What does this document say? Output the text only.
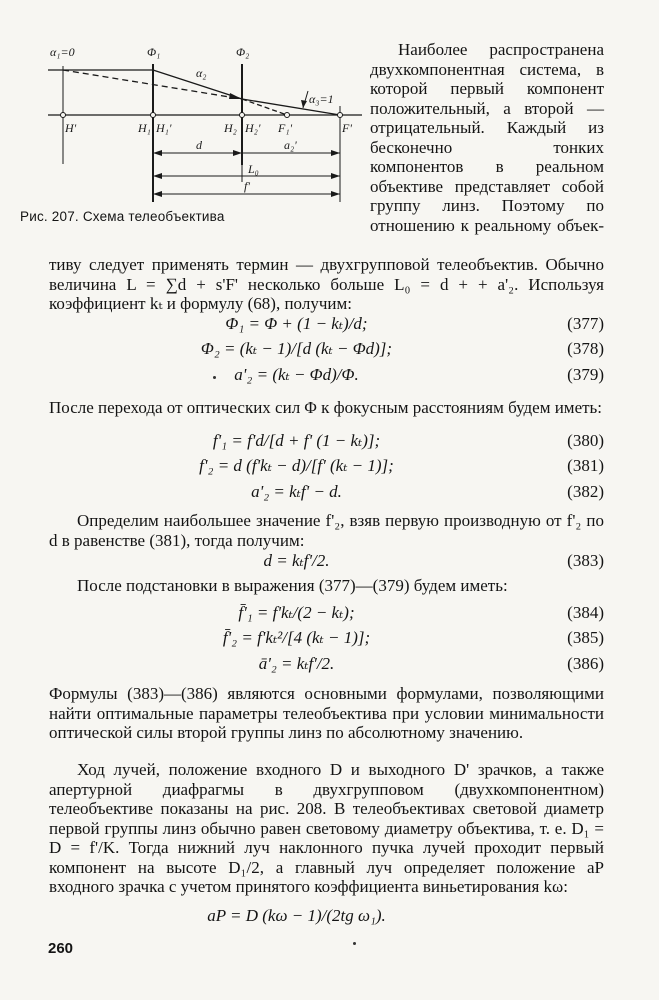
α₁=0	Φ₁	Φ₂
α₂
α₃=1
H'	H₁ H₁'	H₂ H₂' F₁'	F'
d	a₂'
L₀
f'
Рис. 207. Схема телеобъектива

Наиболее распространена двухкомпонентная система, в которой первый компонент положительный, а второй — отрицательный. Каждый из бесконечно тонких компонентов в реальном объективе представляет собой группу линз. Поэтому по отношению к реальному объек-

тиву следует применять термин — двухгрупповой телеобъектив. Обычно величина L = ∑d + s'F' несколько больше L₀ = d + + a'₂. Используя коэффициент kₜ и формулу (68), получим:

Φ₁ = Φ + (1 − kₜ)/d;	(377)
Φ₂ = (kₜ − 1)/[d (kₜ − Φd)];	(378)
a'₂ = (kₜ − Φd)/Φ.	(379)

После перехода от оптических сил Φ к фокусным расстояниям будем иметь:

f'₁ = f'd/[d + f' (1 − kₜ)];	(380)
f'₂ = d (f'kₜ − d)/[f' (kₜ − 1)];	(381)
a'₂ = kₜf' − d.	(382)

Определим наибольшее значение f'₂, взяв первую производную от f'₂ по d в равенстве (381), тогда получим:

d = kₜf'/2.	(383)

После подстановки в выражения (377)—(379) будем иметь:

f̄'₁ = f'kₜ/(2 − kₜ);	(384)
f̄'₂ = f'kₜ²/[4 (kₜ − 1)];	(385)
ā'₂ = kₜf'/2.	(386)

Формулы (383)—(386) являются основными формулами, позволяющими найти оптимальные параметры телеобъектива при условии минимальности оптической силы второй группы линз по абсолютному значению.

Ход лучей, положение входного D и выходного D' зрачков, а также апертурной диафрагмы в двухгрупповом (двухкомпонентном) телеобъективе показаны на рис. 208. В телеобъективах световой диаметр первой группы линз обычно равен световому диаметру объектива, т. е. D₁ = D = f'/K. Тогда нижний луч наклонного пучка лучей проходит первый компонент на высоте D₁/2, а главный луч определяет положение aP входного зрачка с учетом принятого коэффициента виньетирования kω:

aP = D (kω − 1)/(2tg ω₁).
260
